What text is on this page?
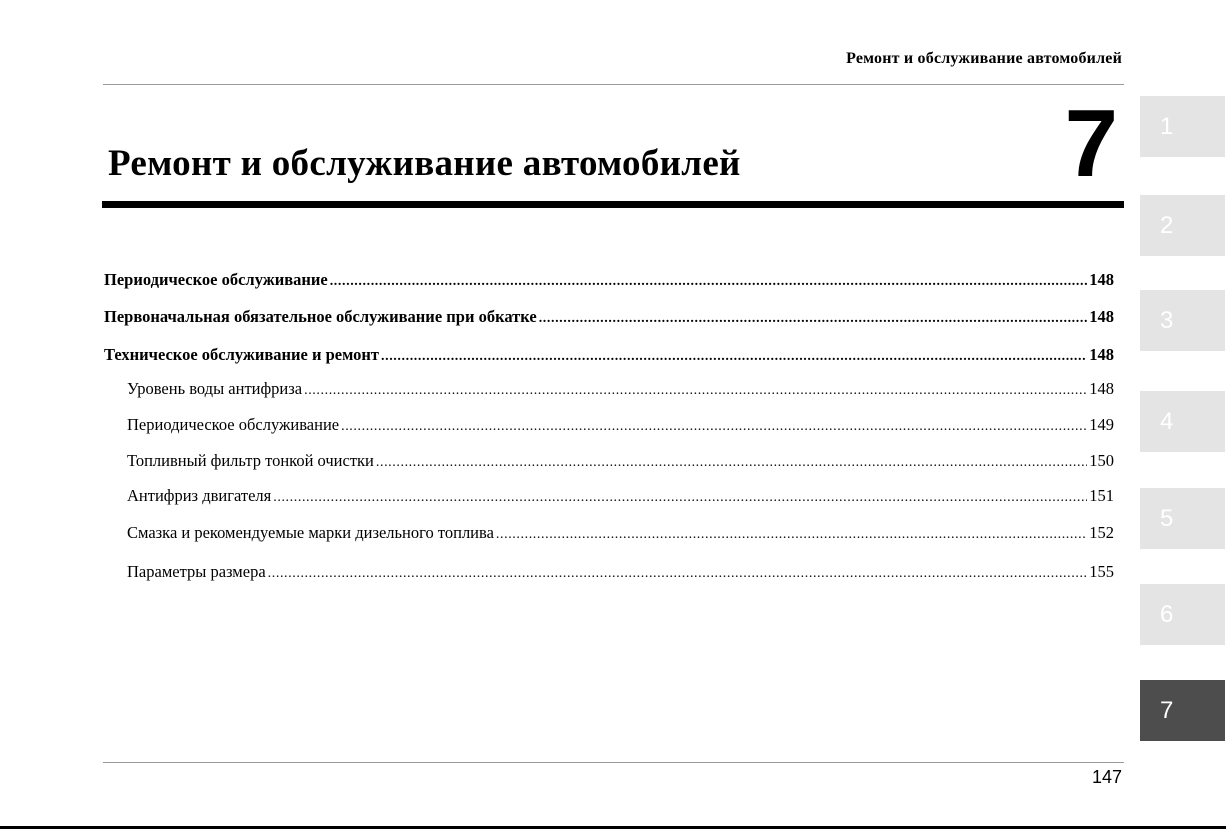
Ремонт и обслуживание автомобилей
Ремонт и обслуживание автомобилей	7
Периодическое обслуживание .....	148
Первоначальная обязательное обслуживание при обкатке .....	148
Техническое обслуживание и ремонт .....	148
Уровень воды антифриза .....	148
Периодическое обслуживание .....	149
Топливный фильтр тонкой очистки .....	150
Антифриз двигателя .....	151
Смазка и рекомендуемые марки дизельного топлива .....	152
Параметры размера .....	155
1
2
3
4
5
6
7
147
